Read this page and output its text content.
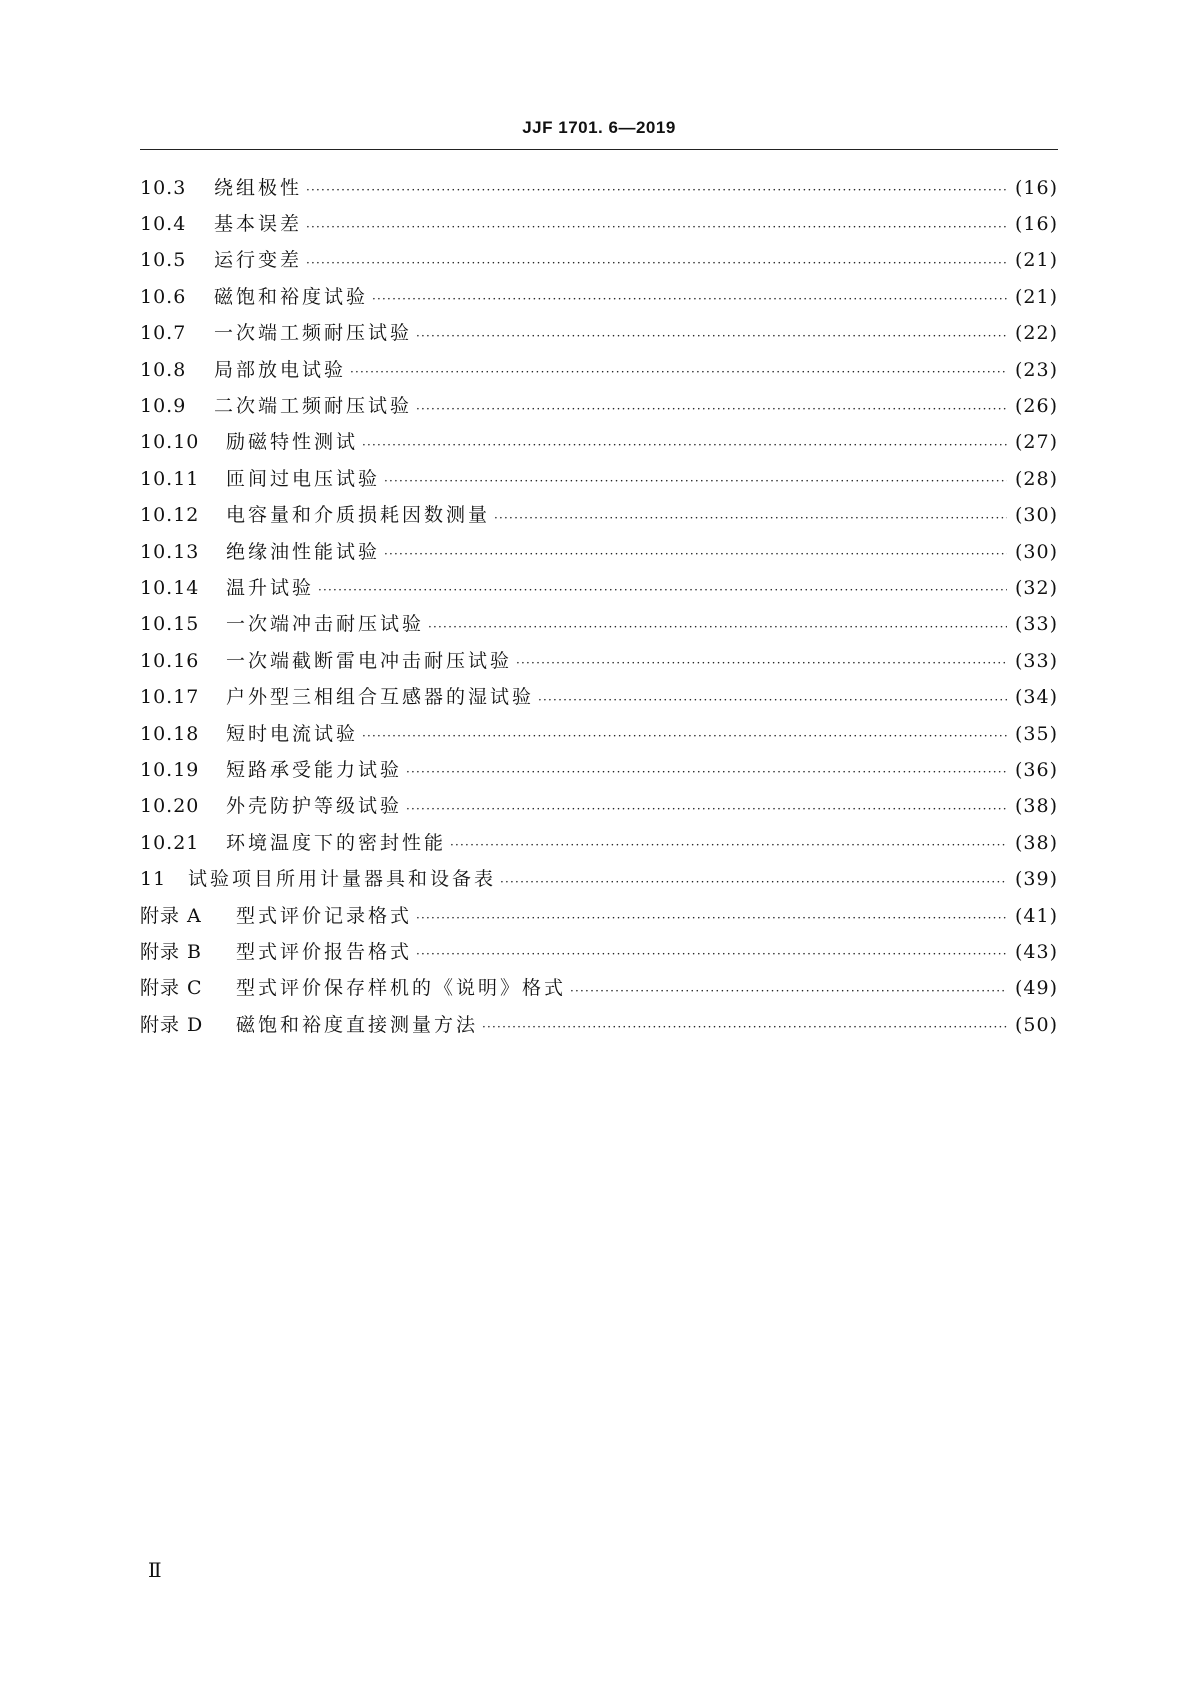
JJF 1701. 6—2019
10.3	绕组极性 ·····	(16)
10.4	基本误差 ·····	(16)
10.5	运行变差 ·····	(21)
10.6	磁饱和裕度试验 ·····	(21)
10.7	一次端工频耐压试验 ·····	(22)
10.8	局部放电试验 ·····	(23)
10.9	二次端工频耐压试验 ·····	(26)
10.10	励磁特性测试 ·····	(27)
10.11	匝间过电压试验 ·····	(28)
10.12	电容量和介质损耗因数测量 ·····	(30)
10.13	绝缘油性能试验 ·····	(30)
10.14	温升试验 ·····	(32)
10.15	一次端冲击耐压试验 ·····	(33)
10.16	一次端截断雷电冲击耐压试验 ·····	(33)
10.17	户外型三相组合互感器的湿试验 ·····	(34)
10.18	短时电流试验 ·····	(35)
10.19	短路承受能力试验 ·····	(36)
10.20	外壳防护等级试验 ·····	(38)
10.21	环境温度下的密封性能 ·····	(38)
11	试验项目所用计量器具和设备表 ·····	(39)
附录 A	型式评价记录格式 ·····	(41)
附录 B	型式评价报告格式 ·····	(43)
附录 C	型式评价保存样机的《说明》格式 ·····	(49)
附录 D	磁饱和裕度直接测量方法 ·····	(50)
Ⅱ
